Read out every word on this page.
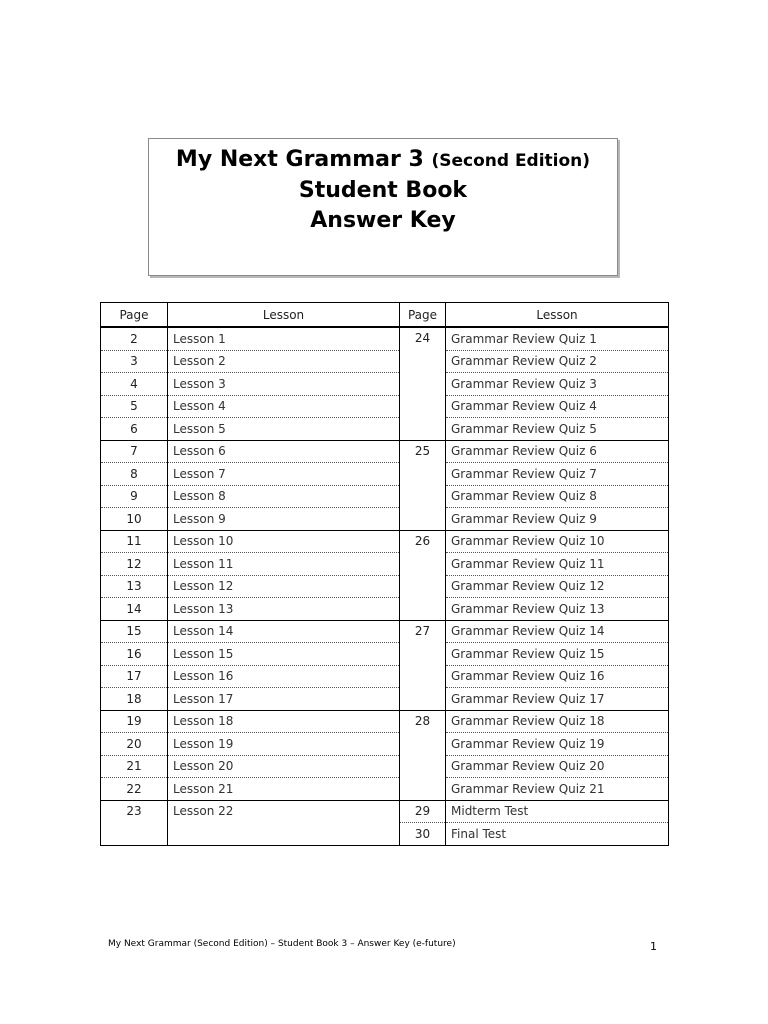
My Next Grammar 3 (Second Edition)
Student Book
Answer Key
Page	Lesson	Page	Lesson
2	Lesson 1	24	Grammar Review Quiz 1
3	Lesson 2		Grammar Review Quiz 2
4	Lesson 3		Grammar Review Quiz 3
5	Lesson 4		Grammar Review Quiz 4
6	Lesson 5		Grammar Review Quiz 5
7	Lesson 6	25	Grammar Review Quiz 6
8	Lesson 7		Grammar Review Quiz 7
9	Lesson 8		Grammar Review Quiz 8
10	Lesson 9		Grammar Review Quiz 9
11	Lesson 10	26	Grammar Review Quiz 10
12	Lesson 11		Grammar Review Quiz 11
13	Lesson 12		Grammar Review Quiz 12
14	Lesson 13		Grammar Review Quiz 13
15	Lesson 14	27	Grammar Review Quiz 14
16	Lesson 15		Grammar Review Quiz 15
17	Lesson 16		Grammar Review Quiz 16
18	Lesson 17		Grammar Review Quiz 17
19	Lesson 18	28	Grammar Review Quiz 18
20	Lesson 19		Grammar Review Quiz 19
21	Lesson 20		Grammar Review Quiz 20
22	Lesson 21		Grammar Review Quiz 21
23	Lesson 22	29	Midterm Test
		30	Final Test
My Next Grammar (Second Edition) – Student Book 3 – Answer Key (e-future)	1
